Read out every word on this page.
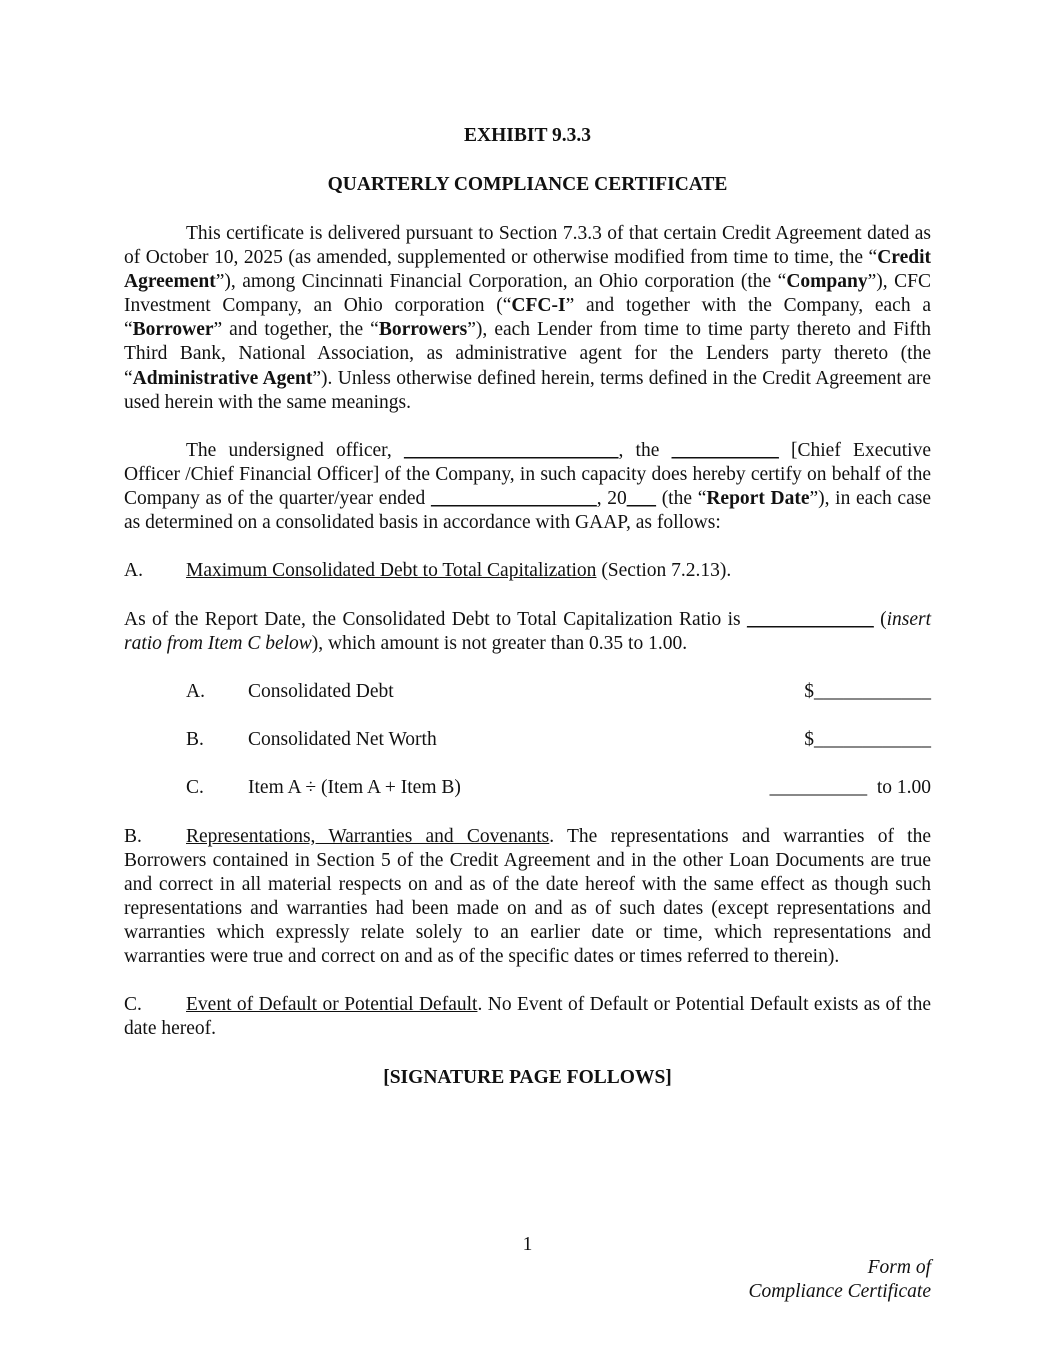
EXHIBIT 9.3.3
QUARTERLY COMPLIANCE CERTIFICATE
This certificate is delivered pursuant to Section 7.3.3 of that certain Credit Agreement dated as of October 10, 2025 (as amended, supplemented or otherwise modified from time to time, the “Credit Agreement”), among Cincinnati Financial Corporation, an Ohio corporation (the “Company”), CFC Investment Company, an Ohio corporation (“CFC-I” and together with the Company, each a “Borrower” and together, the “Borrowers”), each Lender from time to time party thereto and Fifth Third Bank, National Association, as administrative agent for the Lenders party thereto (the “Administrative Agent”). Unless otherwise defined herein, terms defined in the Credit Agreement are used herein with the same meanings.
The undersigned officer, ______________________, the ___________ [Chief Executive Officer /Chief Financial Officer] of the Company, in such capacity does hereby certify on behalf of the Company as of the quarter/year ended _________________, 20___ (the “Report Date”), in each case as determined on a consolidated basis in accordance with GAAP, as follows:
A. Maximum Consolidated Debt to Total Capitalization (Section 7.2.13).
As of the Report Date, the Consolidated Debt to Total Capitalization Ratio is _____________ (insert ratio from Item C below), which amount is not greater than 0.35 to 1.00.
A. Consolidated Debt	$____________
B. Consolidated Net Worth	$____________
C. Item A ÷ (Item A + Item B)	__________  to 1.00
B. Representations, Warranties and Covenants. The representations and warranties of the Borrowers contained in Section 5 of the Credit Agreement and in the other Loan Documents are true and correct in all material respects on and as of the date hereof with the same effect as though such representations and warranties had been made on and as of such dates (except representations and warranties which expressly relate solely to an earlier date or time, which representations and warranties were true and correct on and as of the specific dates or times referred to therein).
C. Event of Default or Potential Default. No Event of Default or Potential Default exists as of the date hereof.
[SIGNATURE PAGE FOLLOWS]
1
Form of
Compliance Certificate
